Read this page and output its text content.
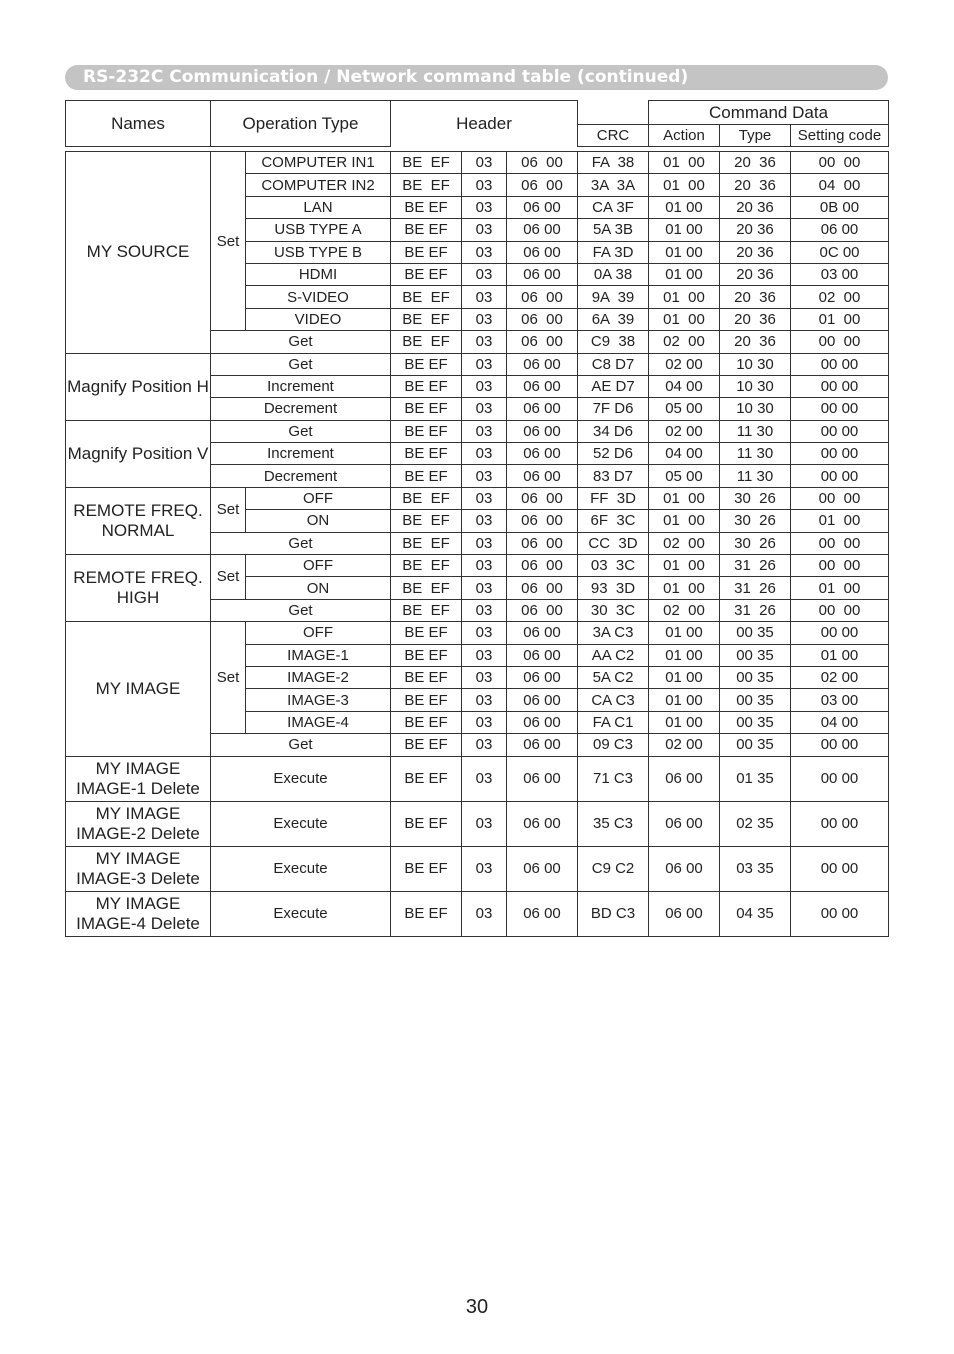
RS-232C Communication / Network command table (continued)
Names	Operation Type	Header		Command Data		
			CRC	Action	Type	Setting code
MY SOURCE	Set	COMPUTER IN1	BE  EF	03	06  00	FA  38	01  00	20  36	00  00
		COMPUTER IN2	BE  EF	03	06  00	3A  3A	01  00	20  36	04  00
		LAN	BE EF	03	06 00	CA 3F	01 00	20 36	0B 00
		USB TYPE A	BE EF	03	06 00	5A 3B	01 00	20 36	06 00
		USB TYPE B	BE EF	03	06 00	FA 3D	01 00	20 36	0C 00
		HDMI	BE EF	03	06 00	0A 38	01 00	20 36	03 00
		S-VIDEO	BE  EF	03	06  00	9A  39	01  00	20  36	02  00
		VIDEO	BE  EF	03	06  00	6A  39	01  00	20  36	01  00
	Get		BE  EF	03	06  00	C9  38	02  00	20  36	00  00
Magnify Position H	Get		BE EF	03	06 00	C8 D7	02 00	10 30	00 00
	Increment		BE EF	03	06 00	AE D7	04 00	10 30	00 00
	Decrement		BE EF	03	06 00	7F D6	05 00	10 30	00 00
Magnify Position V	Get		BE EF	03	06 00	34 D6	02 00	11 30	00 00
	Increment		BE EF	03	06 00	52 D6	04 00	11 30	00 00
	Decrement		BE EF	03	06 00	83 D7	05 00	11 30	00 00
REMOTE FREQ. NORMAL	Set	OFF	BE  EF	03	06  00	FF  3D	01  00	30  26	00  00
		ON	BE  EF	03	06  00	6F  3C	01  00	30  26	01  00
	Get		BE  EF	03	06  00	CC  3D	02  00	30  26	00  00
REMOTE FREQ. HIGH	Set	OFF	BE  EF	03	06  00	03  3C	01  00	31  26	00  00
		ON	BE  EF	03	06  00	93  3D	01  00	31  26	01  00
	Get		BE  EF	03	06  00	30  3C	02  00	31  26	00  00
MY IMAGE	Set	OFF	BE EF	03	06 00	3A C3	01 00	00 35	00 00
		IMAGE-1	BE EF	03	06 00	AA C2	01 00	00 35	01 00
		IMAGE-2	BE EF	03	06 00	5A C2	01 00	00 35	02 00
		IMAGE-3	BE EF	03	06 00	CA C3	01 00	00 35	03 00
		IMAGE-4	BE EF	03	06 00	FA C1	01 00	00 35	04 00
	Get		BE EF	03	06 00	09 C3	02 00	00 35	00 00
MY IMAGE IMAGE-1 Delete	Execute		BE EF	03	06 00	71 C3	06 00	01 35	00 00
MY IMAGE IMAGE-2 Delete	Execute		BE EF	03	06 00	35 C3	06 00	02 35	00 00
MY IMAGE IMAGE-3 Delete	Execute		BE EF	03	06 00	C9 C2	06 00	03 35	00 00
MY IMAGE IMAGE-4 Delete	Execute		BE EF	03	06 00	BD C3	06 00	04 35	00 00
30
